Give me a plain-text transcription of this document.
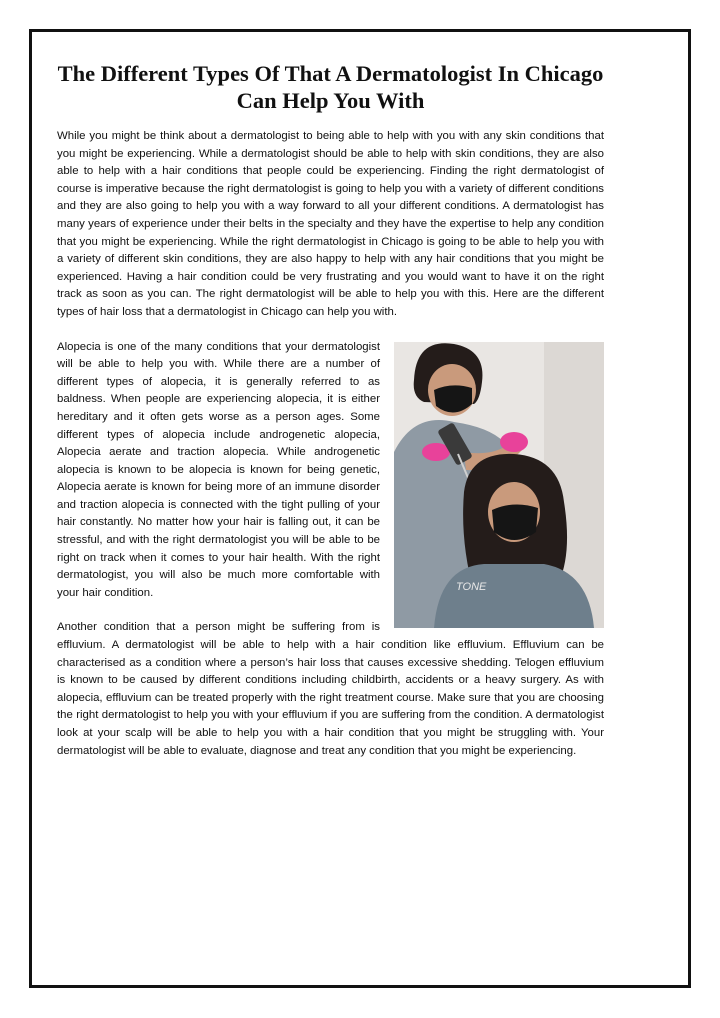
The Different Types Of That A Dermatologist In Chicago Can Help You With

While you might be think about a dermatologist to being able to help with you with any skin conditions that you might be experiencing. While a dermatologist should be able to help with skin conditions, they are also able to help with a hair conditions that people could be experiencing. Finding the right dermatologist of course is imperative because the right dermatologist is going to help you with a variety of different conditions and they are also going to help you with a way forward to all your different conditions. A dermatologist has many years of experience under their belts in the specialty and they have the expertise to help any condition that you might be experiencing. While the right dermatologist in Chicago is going to be able to help you with a variety of different skin conditions, they are also happy to help with any hair conditions that you might be experienced. Having a hair condition could be very frustrating and you would want to have it on the right track as soon as you can. The right dermatologist will be able to help you with this. Here are the different types of hair loss that a dermatologist in Chicago can help you with.

TONE

Alopecia is one of the many conditions that your dermatologist will be able to help you with. While there are a number of different types of alopecia, it is generally referred to as baldness. When people are experiencing alopecia, it is either hereditary and it often gets worse as a person ages. Some different types of alopecia include androgenetic alopecia, Alopecia aerate and traction alopecia. While androgenetic alopecia is known to be alopecia is known for being genetic, Alopecia aerate is known for being more of an immune disorder and traction alopecia is connected with the tight pulling of your hair constantly. No matter how your hair is falling out, it can be stressful, and with the right dermatologist you will be able to be right on track when it comes to your hair health. With the right dermatologist, you will also be much more comfortable with your hair condition.

Another condition that a person might be suffering from is effluvium. A dermatologist will be able to help with a hair condition like effluvium. Effluvium can be characterised as a condition where a person’s hair loss that causes excessive shedding. Telogen effluvium is known to be caused by different conditions including childbirth, accidents or a heavy surgery. As with alopecia, effluvium can be treated properly with the right treatment course. Make sure that you are choosing the right dermatologist to help you with your effluvium if you are suffering from the condition. A dermatologist look at your scalp will be able to help you with a hair condition that you might be struggling with. Your dermatologist will be able to evaluate, diagnose and treat any condition that you might be experiencing.
